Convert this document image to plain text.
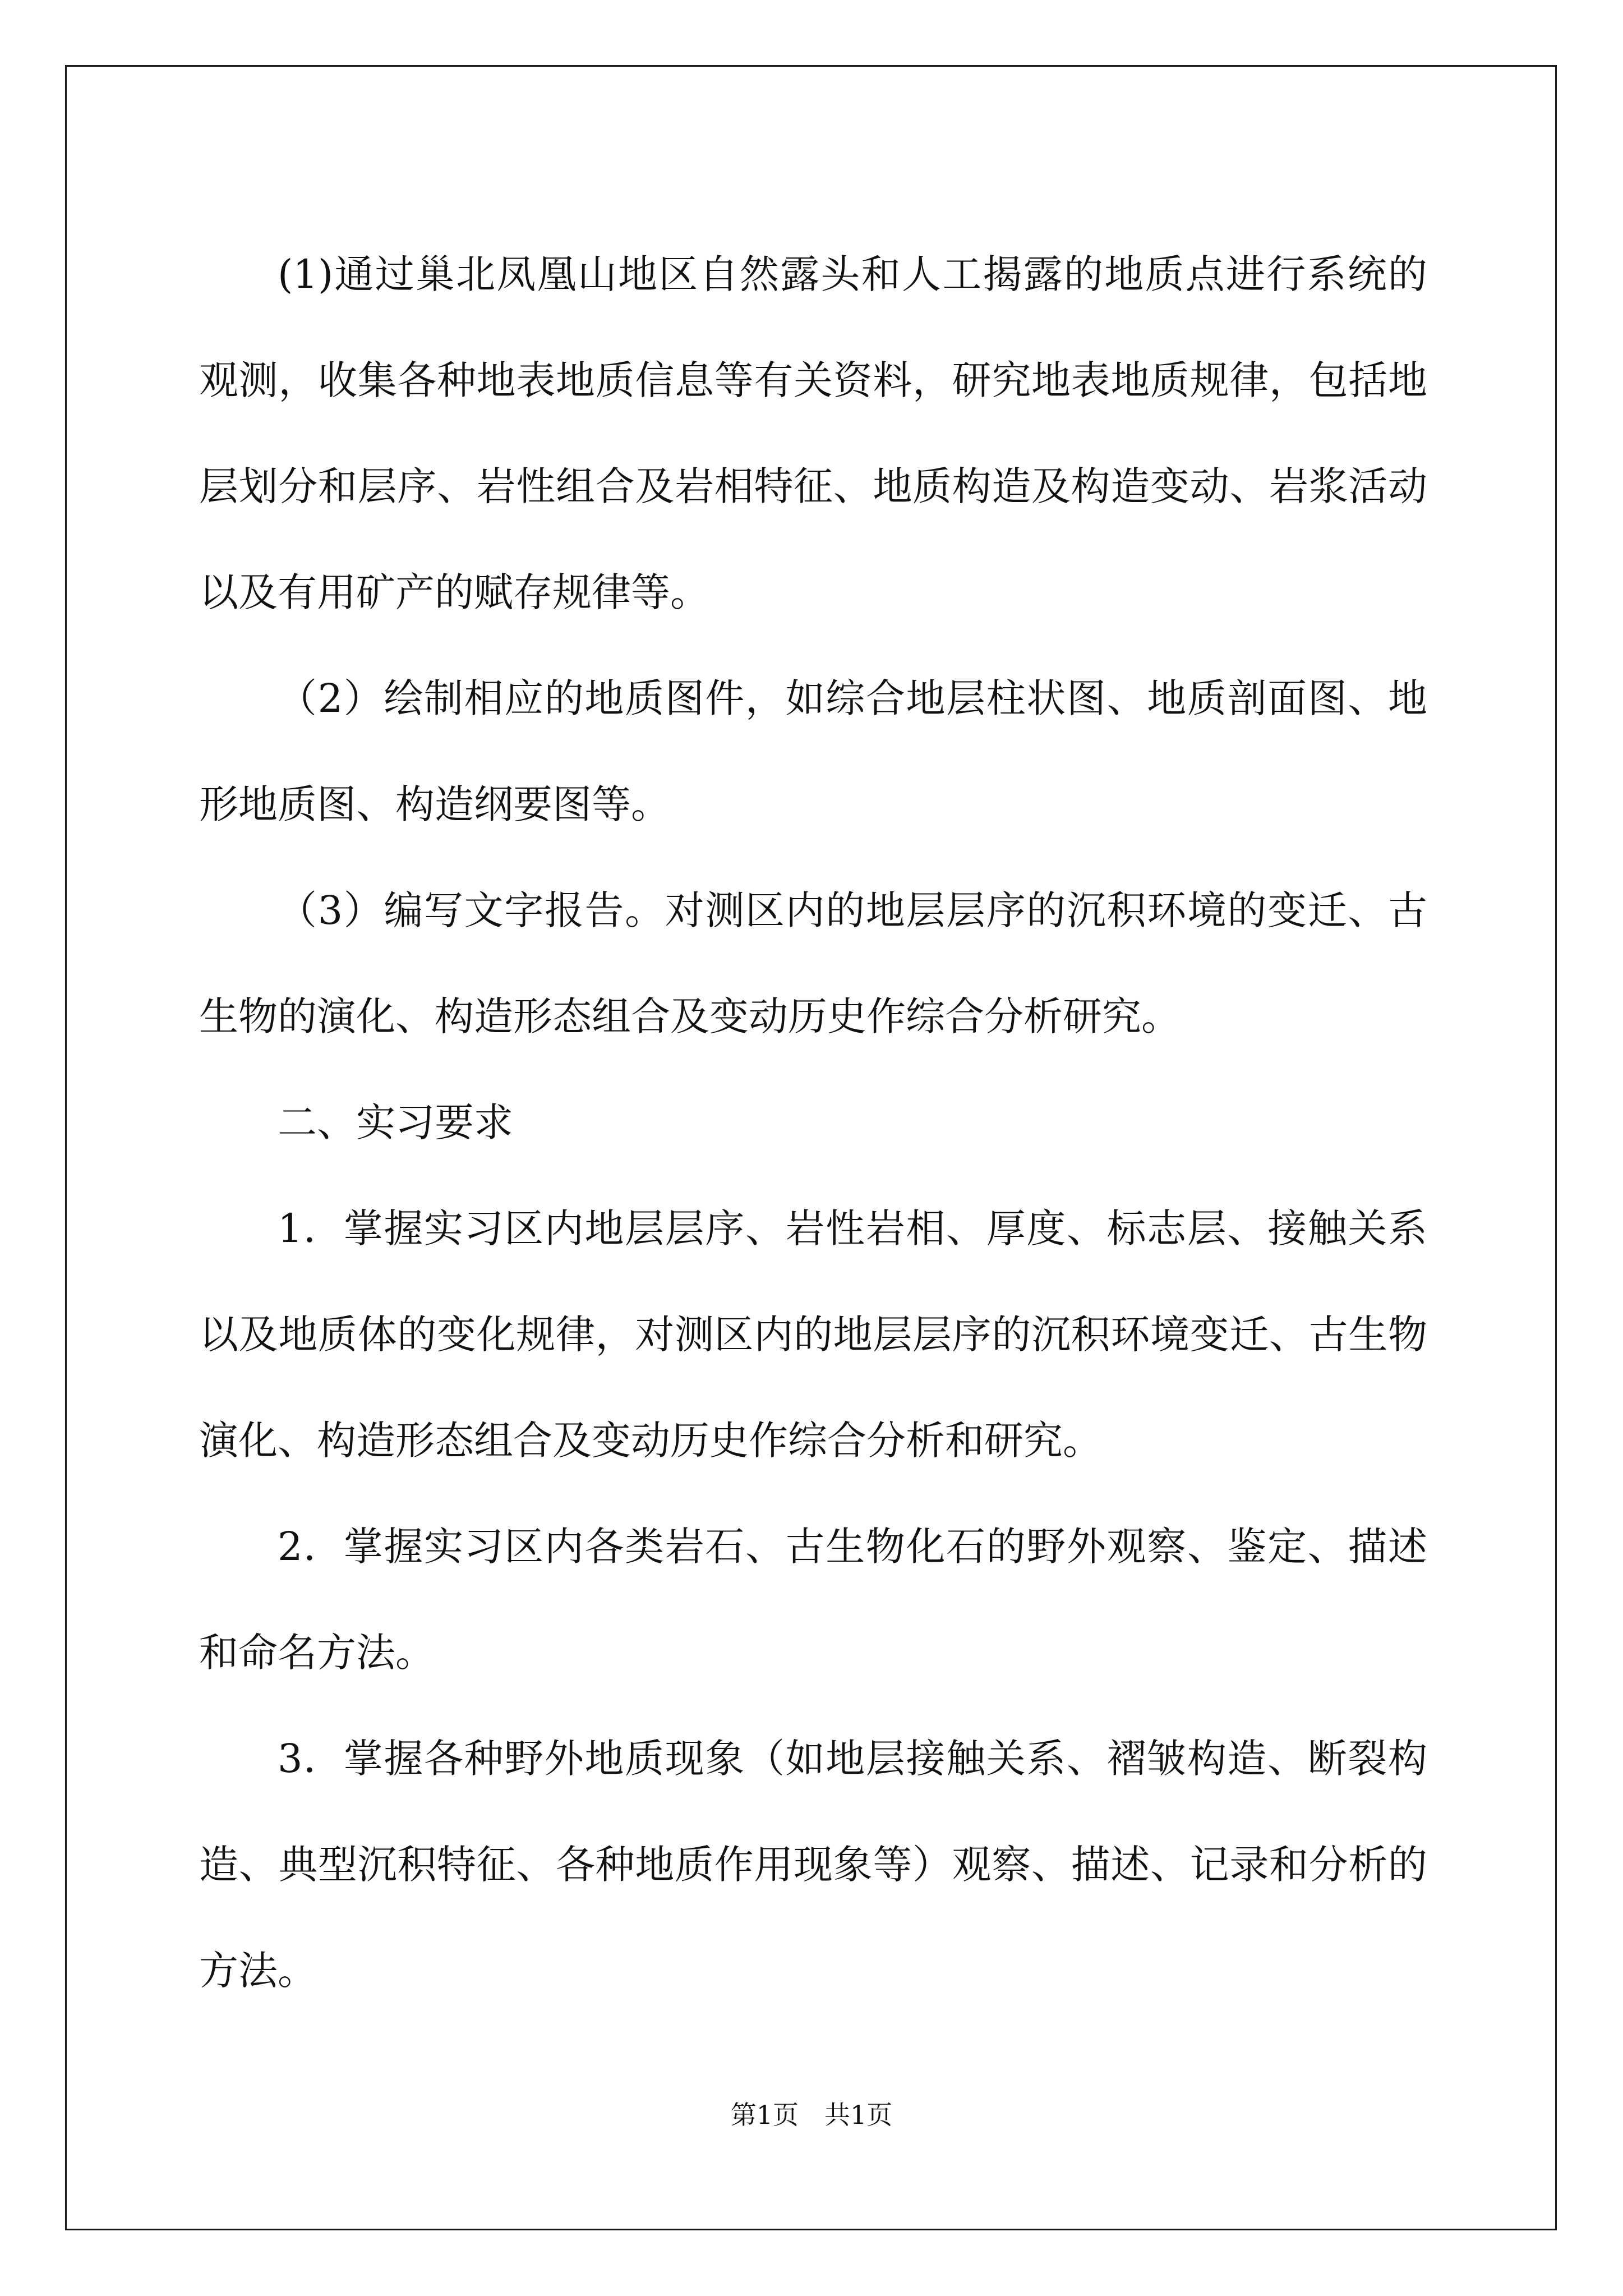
(1)通过巢北凤凰山地区自然露头和人工揭露的地质点进行系统的观测，收集各种地表地质信息等有关资料，研究地表地质规律，包括地层划分和层序、岩性组合及岩相特征、地质构造及构造变动、岩浆活动以及有用矿产的赋存规律等。

（2）绘制相应的地质图件，如综合地层柱状图、地质剖面图、地形地质图、构造纲要图等。

（3）编写文字报告。对测区内的地层层序的沉积环境的变迁、古生物的演化、构造形态组合及变动历史作综合分析研究。

二、实习要求

1．掌握实习区内地层层序、岩性岩相、厚度、标志层、接触关系以及地质体的变化规律，对测区内的地层层序的沉积环境变迁、古生物演化、构造形态组合及变动历史作综合分析和研究。

2．掌握实习区内各类岩石、古生物化石的野外观察、鉴定、描述和命名方法。

3．掌握各种野外地质现象（如地层接触关系、褶皱构造、断裂构造、典型沉积特征、各种地质作用现象等）观察、描述、记录和分析的方法。

第1页　共1页
